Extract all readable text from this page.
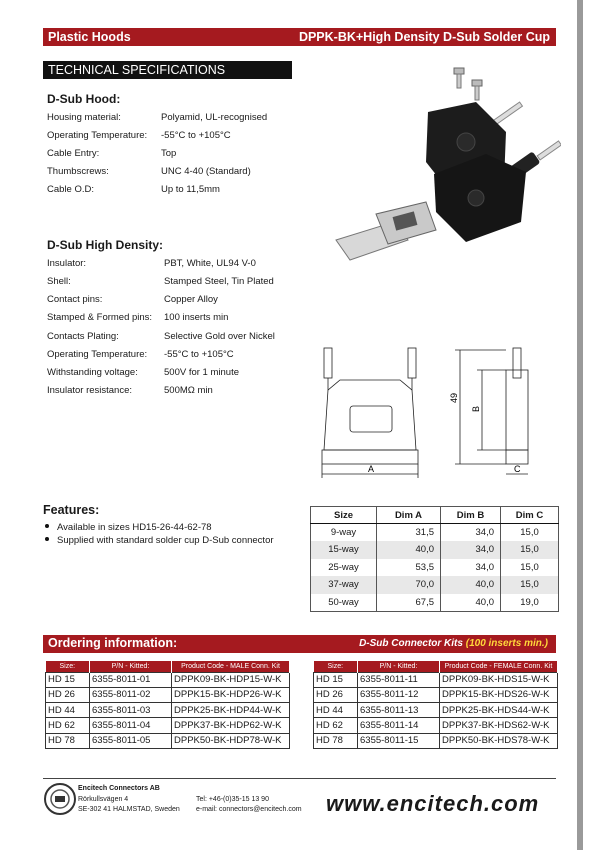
Plastic Hoods	DPPK-BK+High Density D-Sub Solder Cup
TECHNICAL SPECIFICATIONS
D-Sub Hood:
Housing material:	Polyamid, UL-recognised
Operating Temperature: -55°C to +105°C
Cable Entry:	Top
Thumbscrews:	UNC 4-40 (Standard)
Cable O.D:	Up to 11,5mm
D-Sub High Density:
Insulator:	PBT, White, UL94 V-0
Shell:	Stamped Steel, Tin Plated
Contact pins:	Copper Alloy
Stamped & Formed pins: 100 inserts min
Contacts Plating:	Selective Gold over Nickel
Operating Temperature: -55°C to +105°C
Withstanding voltage:	500V for 1 minute
Insulator resistance:	500MΩ min
A	C
49
B
Features:
Available in sizes HD15-26-44-62-78
Supplied with standard solder cup D-Sub connector
Size	Dim A	Dim B	Dim C
9-way	31,5	34,0	15,0
15-way	40,0	34,0	15,0
25-way	53,5	34,0	15,0
37-way	70,0	40,0	15,0
50-way	67,5	40,0	19,0
Ordering information:	D-Sub Connector Kits (100 inserts min.)
Size:	P/N - Kitted:	Product Code - MALE Conn. Kit
HD 15	6355-8011-01	DPPK09-BK-HDP15-W-K
HD 26	6355-8011-02	DPPK15-BK-HDP26-W-K
HD 44	6355-8011-03	DPPK25-BK-HDP44-W-K
HD 62	6355-8011-04	DPPK37-BK-HDP62-W-K
HD 78	6355-8011-05	DPPK50-BK-HDP78-W-K
Size:	P/N - Kitted:	Product Code - FEMALE Conn. Kit
HD 15	6355-8011-11	DPPK09-BK-HDS15-W-K
HD 26	6355-8011-12	DPPK15-BK-HDS26-W-K
HD 44	6355-8011-13	DPPK25-BK-HDS44-W-K
HD 62	6355-8011-14	DPPK37-BK-HDS62-W-K
HD 78	6355-8011-15	DPPK50-BK-HDS78-W-K
Encitech Connectors AB
Rörkullsvägen 4
SE-302 41 HALMSTAD, Sweden
Tel: +46-(0)35-15 13 90
e-mail: connectors@encitech.com www.encitech.com
